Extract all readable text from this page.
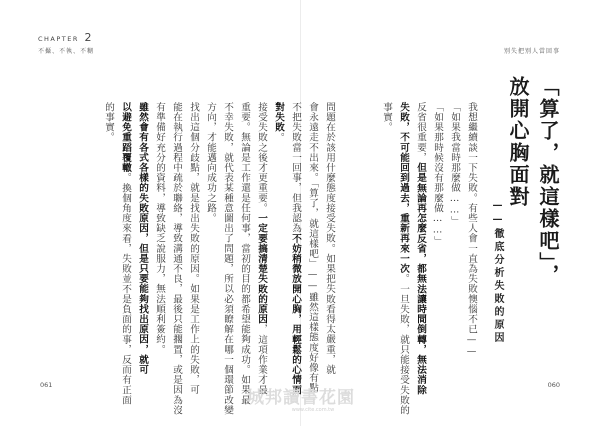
CHAPTER 2
不攝、不執、不糊	別失把別人當回事
問題在於該用什麼態度接受失敗。如果把失敗看得太嚴重，就
會永遠走不出來。「算了，就這樣吧」——雖然這樣態度好像有點
不把失敗當一回事，但我認為不妨稍微放開心胸，用輕鬆的心情面
對失敗。
接受失敗之後才更重要。一定要搞清楚失敗的原因，這項作業才最
重要。無論是工作還是任何事，當初的目的都希望能夠成功。如果最
不幸失敗，就代表某種意圖出了問題，所以必須瞭解在哪一個環節改變
方向，才能邁向成功之路。
找出這個分歧點，就是找出失敗的原因。如果是工作上的失敗，可
能在執行過程中疏於聯絡，導致溝通不良，最後只能擱置，或是因為沒
有準備好充分的資料，導致缺乏說服力，無法順利簽約。
雖然會有各式各樣的失敗原因，但是只要能夠找出原因，就可
以避免重蹈覆轍。換個角度來看，失敗並不是負面的事，反而有正面
的事實。	「算了，就這樣吧」，
放開心胸面對
——徹底分析失敗的原因
我想繼續談一下失敗。有些人會一直為失敗懊惱不已——
「如果我當時那麼做……」
「如果那時候沒有那麼做……」
反省很重要，但是無論再怎麼反省，都無法讓時間倒轉，無法消除
失敗，不可能回到過去，重新再來一次。一旦失敗，就只能接受失敗的
事實。
061	060
城邦讀書花園
www.cite.com.tw
